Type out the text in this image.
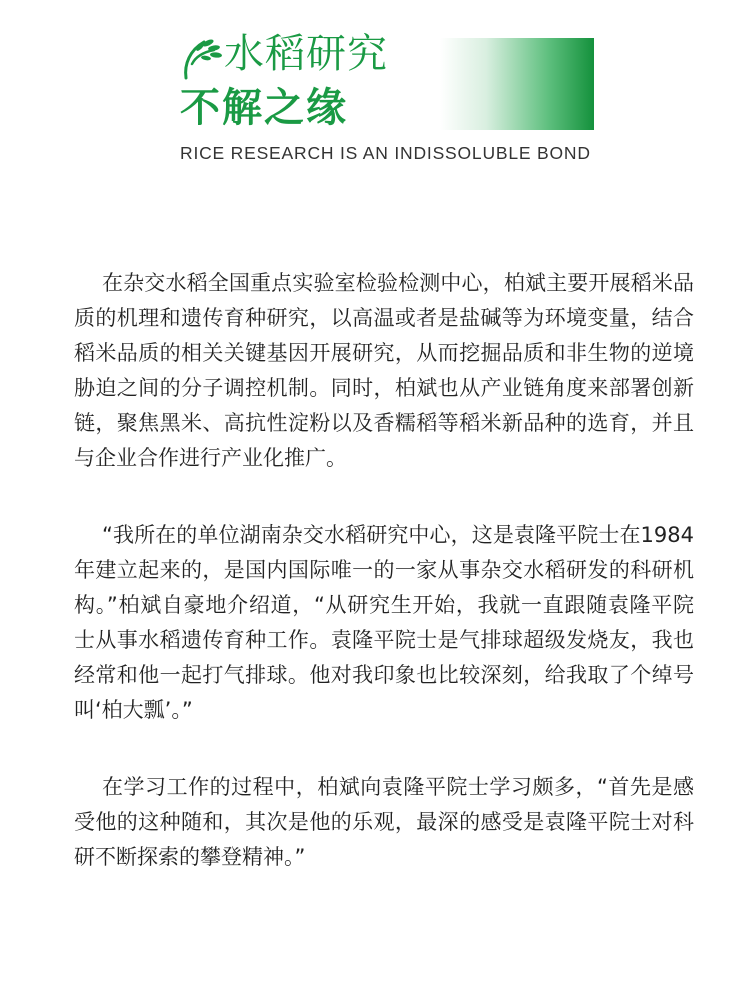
水稻研究
不解之缘
RICE RESEARCH IS AN INDISSOLUBLE BOND

在杂交水稻全国重点实验室检验检测中心，柏斌主要开展稻米品质的机理和遗传育种研究，以高温或者是盐碱等为环境变量，结合稻米品质的相关关键基因开展研究，从而挖掘品质和非生物的逆境胁迫之间的分子调控机制。同时，柏斌也从产业链角度来部署创新链，聚焦黑米、高抗性淀粉以及香糯稻等稻米新品种的选育，并且与企业合作进行产业化推广。

“我所在的单位湖南杂交水稻研究中心，这是袁隆平院士在1984年建立起来的，是国内国际唯一的一家从事杂交水稻研发的科研机构。”柏斌自豪地介绍道，“从研究生开始，我就一直跟随袁隆平院士从事水稻遗传育种工作。袁隆平院士是气排球超级发烧友，我也经常和他一起打气排球。他对我印象也比较深刻，给我取了个绰号叫‘柏大瓢’。”

在学习工作的过程中，柏斌向袁隆平院士学习颇多，“首先是感受他的这种随和，其次是他的乐观，最深的感受是袁隆平院士对科研不断探索的攀登精神。”
